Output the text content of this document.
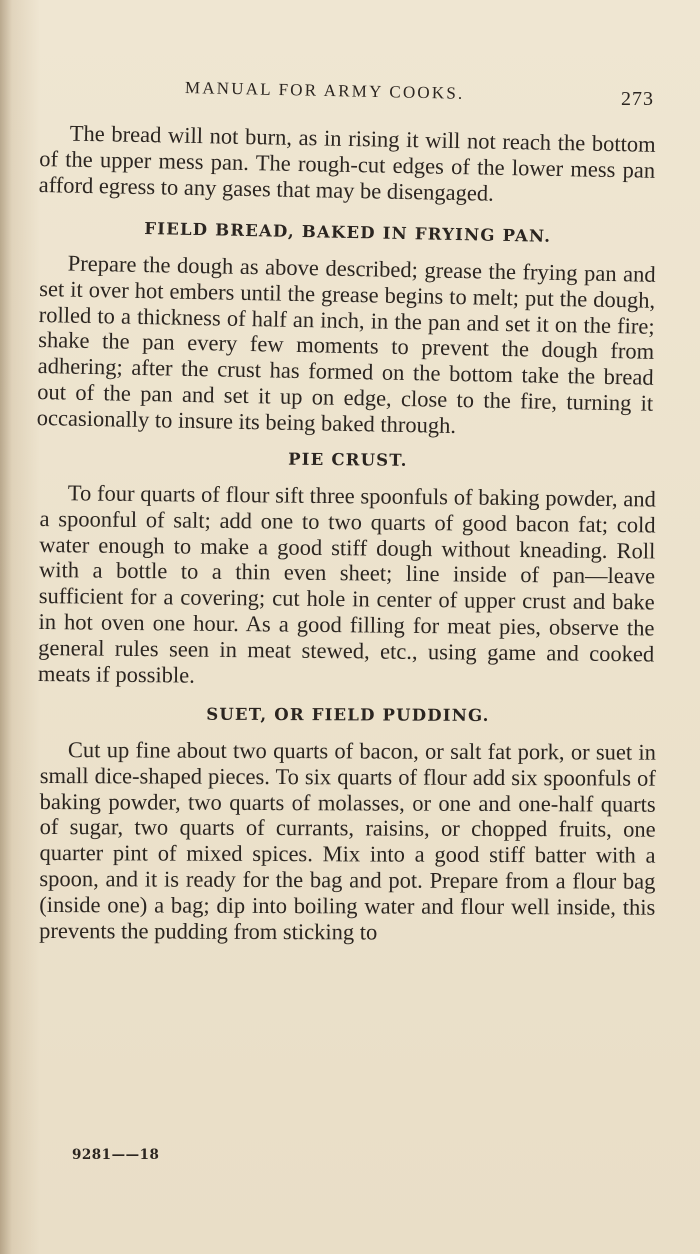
MANUAL FOR ARMY COOKS.	273

The bread will not burn, as in rising it will not reach the bottom of the upper mess pan. The rough-cut edges of the lower mess pan afford egress to any gases that may be disengaged.

FIELD BREAD, BAKED IN FRYING PAN.

Prepare the dough as above described; grease the frying pan and set it over hot embers until the grease begins to melt; put the dough, rolled to a thickness of half an inch, in the pan and set it on the fire; shake the pan every few moments to prevent the dough from adhering; after the crust has formed on the bottom take the bread out of the pan and set it up on edge, close to the fire, turning it occasionally to insure its being baked through.

PIE CRUST.

To four quarts of flour sift three spoonfuls of baking powder, and a spoonful of salt; add one to two quarts of good bacon fat; cold water enough to make a good stiff dough without kneading. Roll with a bottle to a thin even sheet; line inside of pan—leave sufficient for a covering; cut hole in center of upper crust and bake in hot oven one hour. As a good filling for meat pies, observe the general rules seen in meat stewed, etc., using game and cooked meats if possible.

SUET, OR FIELD PUDDING.

Cut up fine about two quarts of bacon, or salt fat pork, or suet in small dice-shaped pieces. To six quarts of flour add six spoonfuls of baking powder, two quarts of molasses, or one and one-half quarts of sugar, two quarts of currants, raisins, or chopped fruits, one quarter pint of mixed spices. Mix into a good stiff batter with a spoon, and it is ready for the bag and pot. Prepare from a flour bag (inside one) a bag; dip into boiling water and flour well inside, this prevents the pudding from sticking to

9281——18
